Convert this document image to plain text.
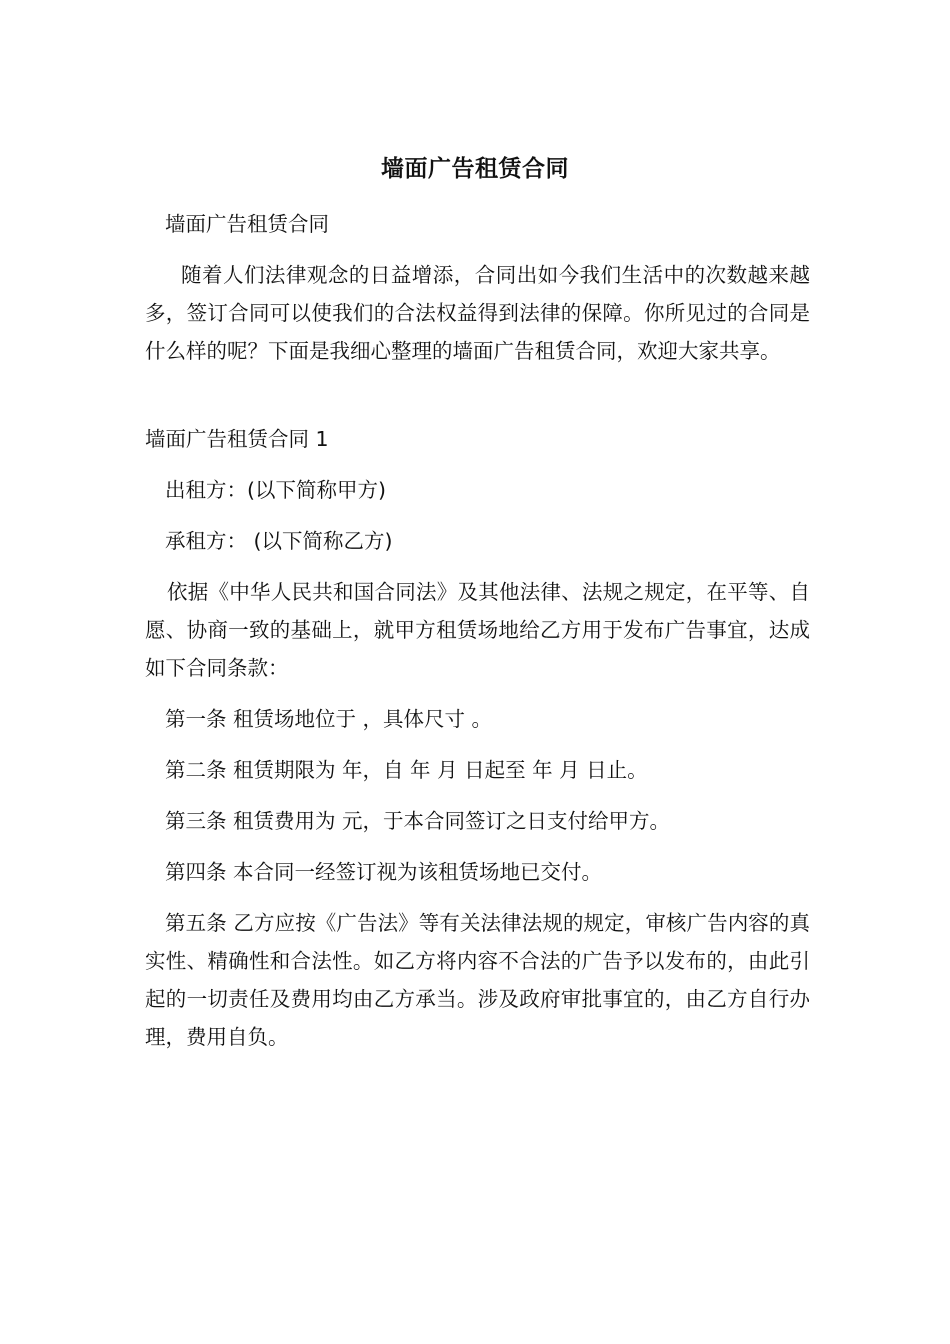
墙面广告租赁合同

墙面广告租赁合同

随着人们法律观念的日益增添，合同出如今我们生活中的次数越来越多，签订合同可以使我们的合法权益得到法律的保障。你所见过的合同是什么样的呢？下面是我细心整理的墙面广告租赁合同，欢迎大家共享。

墙面广告租赁合同 1

出租方：(以下简称甲方)

承租方： (以下简称乙方)

依据《中华人民共和国合同法》及其他法律、法规之规定，在平等、自愿、协商一致的基础上，就甲方租赁场地给乙方用于发布广告事宜，达成如下合同条款：

第一条 租赁场地位于 ，具体尺寸 。

第二条 租赁期限为 年，自 年 月 日起至 年 月 日止。

第三条 租赁费用为 元，于本合同签订之日支付给甲方。

第四条 本合同一经签订视为该租赁场地已交付。

第五条 乙方应按《广告法》等有关法律法规的规定，审核广告内容的真实性、精确性和合法性。如乙方将内容不合法的广告予以发布的，由此引起的一切责任及费用均由乙方承当。涉及政府审批事宜的，由乙方自行办理，费用自负。
